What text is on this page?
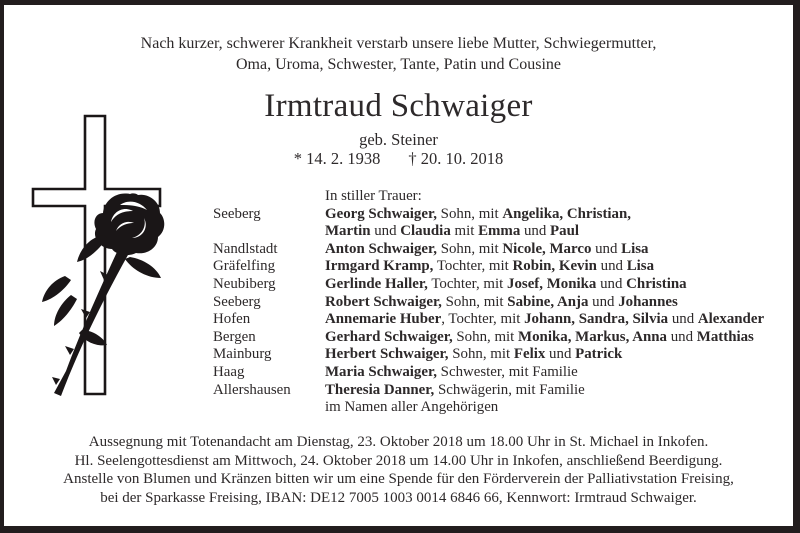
Nach kurzer, schwerer Krankheit verstarb unsere liebe Mutter, Schwiegermutter,
Oma, Uroma, Schwester, Tante, Patin und Cousine

Irmtraud Schwaiger
geb. Steiner
* 14. 2. 1938 † 20. 10. 2018
In stiller Trauer:
Seeberg	Georg Schwaiger, Sohn, mit Angelika, Christian,
Martin und Claudia mit Emma und Paul
Nandlstadt	Anton Schwaiger, Sohn, mit Nicole, Marco und Lisa
Gräfelfing	Irmgard Kramp, Tochter, mit Robin, Kevin und Lisa
Neubiberg	Gerlinde Haller, Tochter, mit Josef, Monika und Christina
Seeberg	Robert Schwaiger, Sohn, mit Sabine, Anja und Johannes
Hofen	Annemarie Huber, Tochter, mit Johann, Sandra, Silvia und Alexander
Bergen	Gerhard Schwaiger, Sohn, mit Monika, Markus, Anna und Matthias
Mainburg	Herbert Schwaiger, Sohn, mit Felix und Patrick
Haag	Maria Schwaiger, Schwester, mit Familie
Allershausen	Theresia Danner, Schwägerin, mit Familie
im Namen aller Angehörigen

Aussegnung mit Totenandacht am Dienstag, 23. Oktober 2018 um 18.00 Uhr in St. Michael in Inkofen.
Hl. Seelengottesdienst am Mittwoch, 24. Oktober 2018 um 14.00 Uhr in Inkofen, anschließend Beerdigung.
Anstelle von Blumen und Kränzen bitten wir um eine Spende für den Förderverein der Palliativstation Freising,
bei der Sparkasse Freising, IBAN: DE12 7005 1003 0014 6846 66, Kennwort: Irmtraud Schwaiger.
